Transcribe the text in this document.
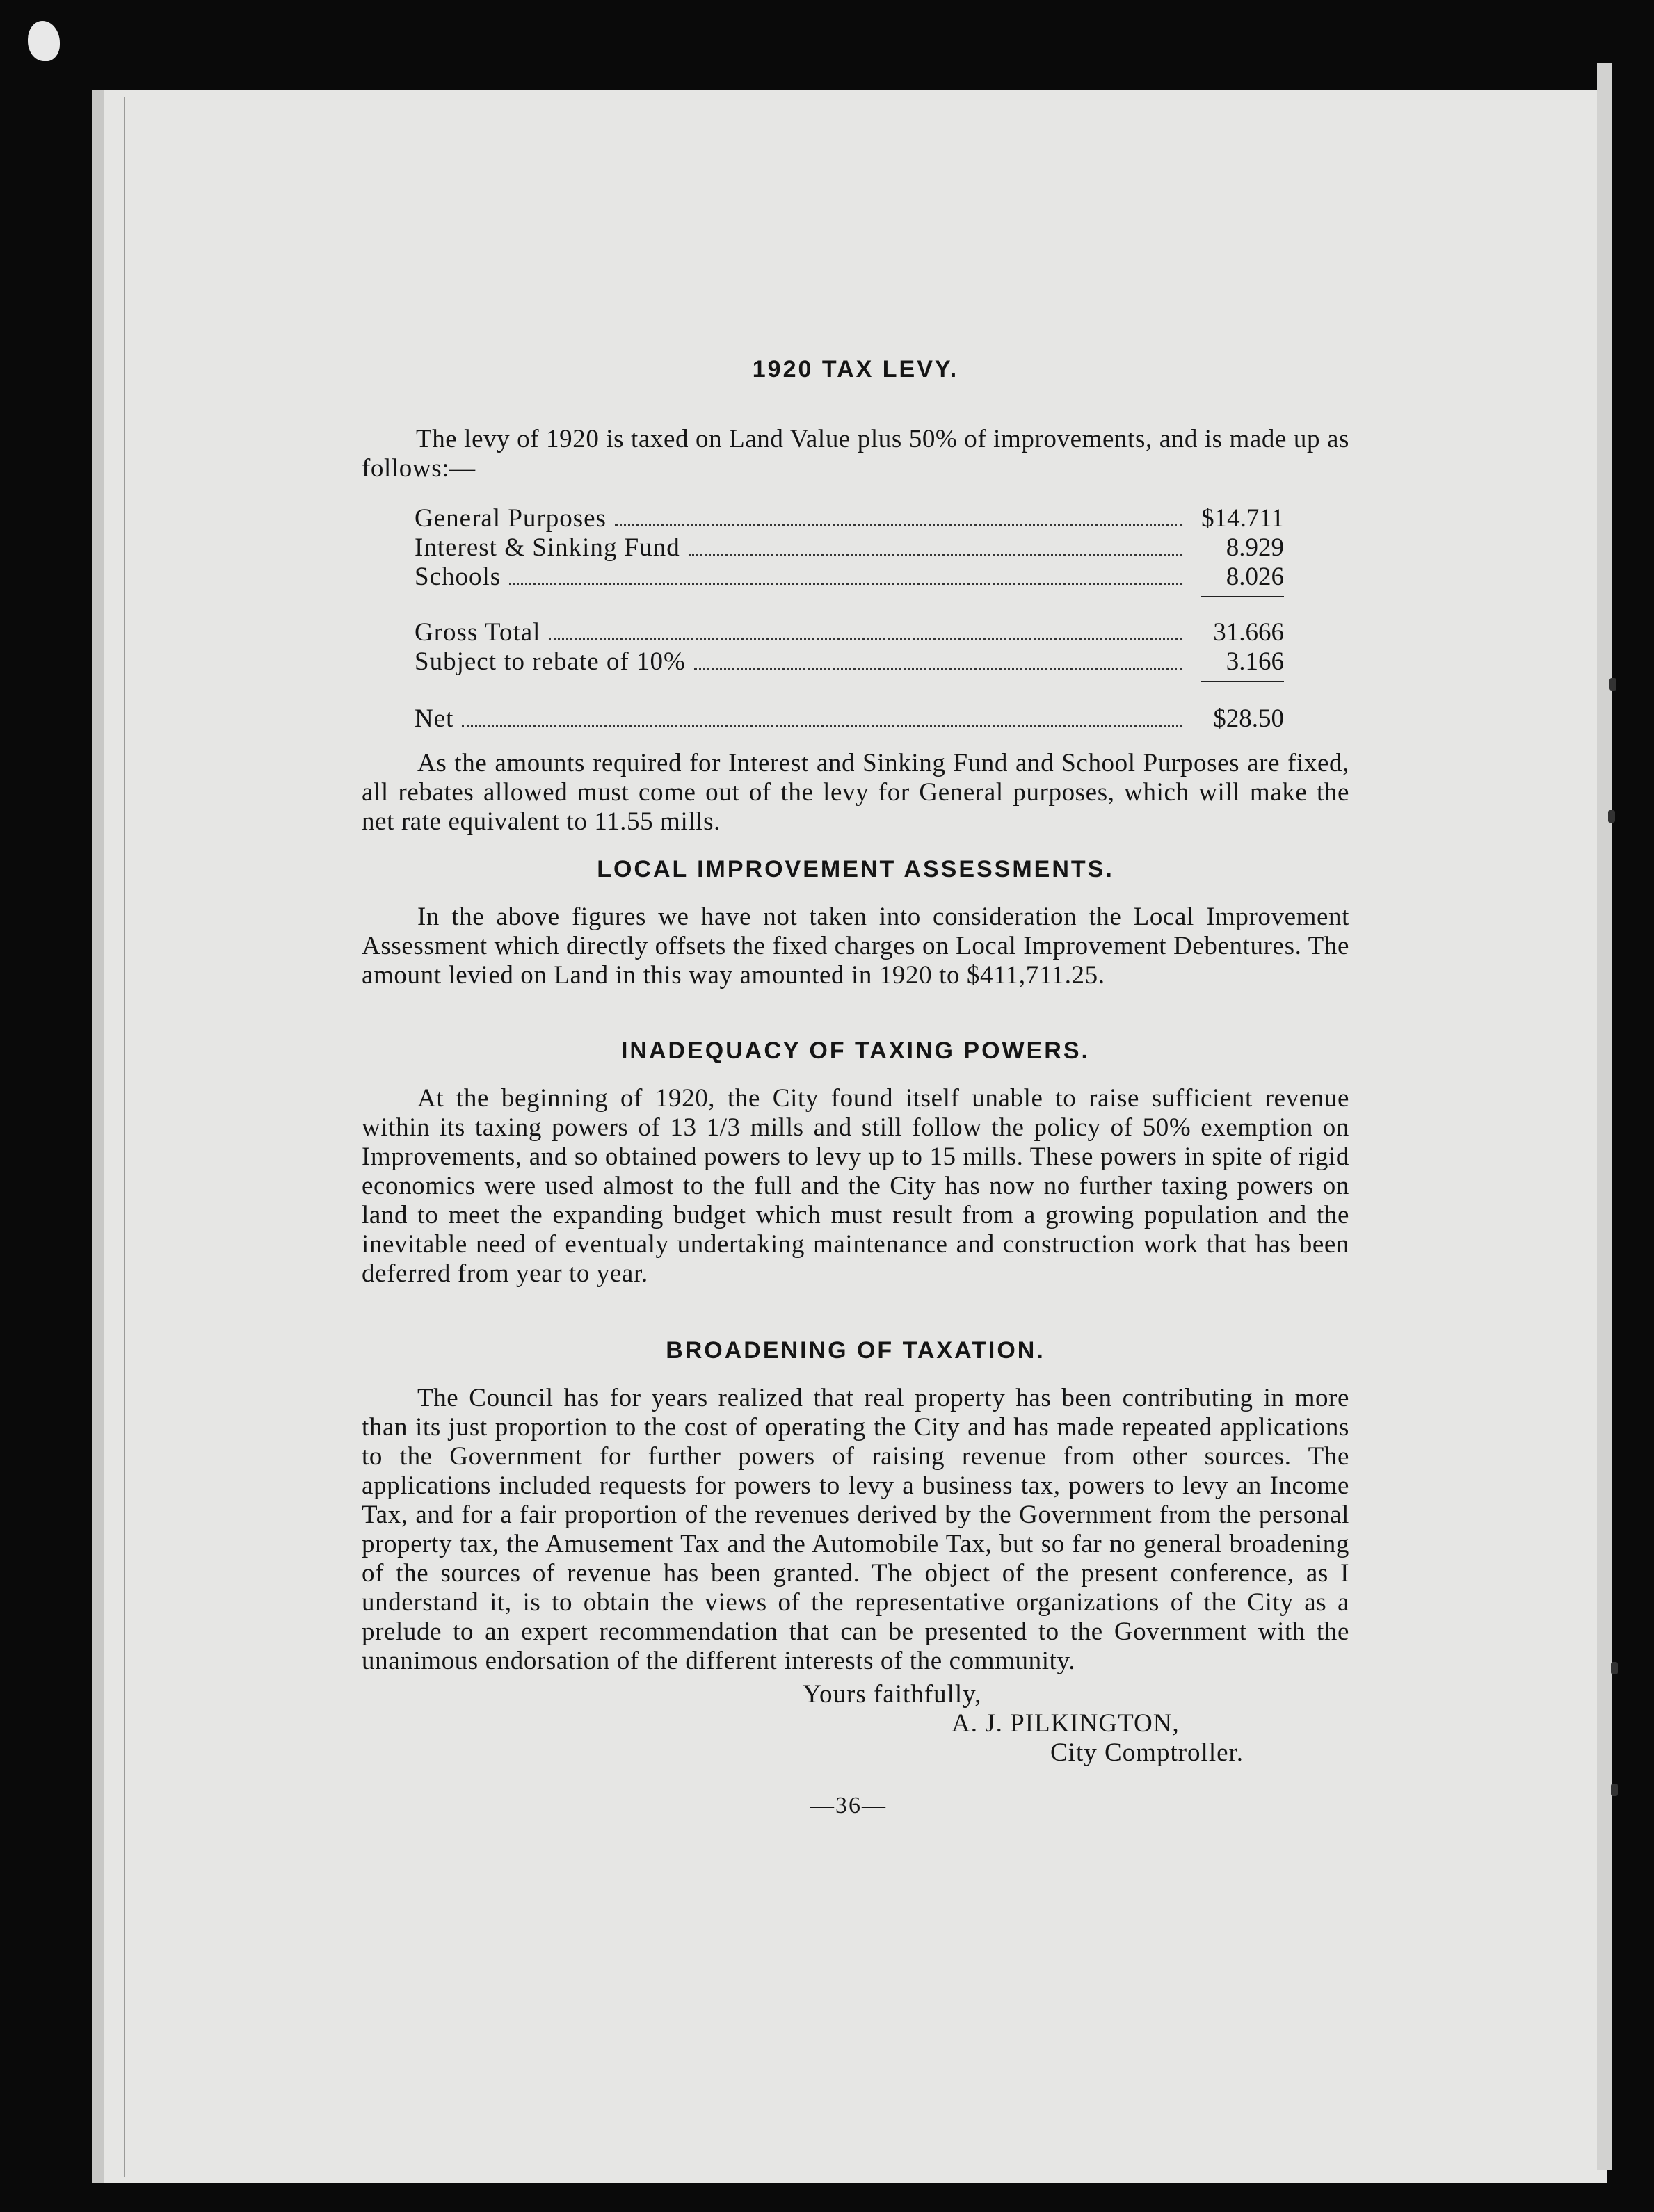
1920 TAX LEVY.

The levy of 1920 is taxed on Land Value plus 50% of improvements, and is made up as follows:—

General Purposes	$14.711
Interest & Sinking Fund	8.929
Schools	8.026
Gross Total	31.666
Subject to rebate of 10%	3.166
Net	$28.50

As the amounts required for Interest and Sinking Fund and School Purposes are fixed, all rebates allowed must come out of the levy for General purposes, which will make the net rate equivalent to 11.55 mills.

LOCAL IMPROVEMENT ASSESSMENTS.

In the above figures we have not taken into consideration the Local Improvement Assessment which directly offsets the fixed charges on Local Improvement Debentures. The amount levied on Land in this way amounted in 1920 to $411,711.25.

INADEQUACY OF TAXING POWERS.

At the beginning of 1920, the City found itself unable to raise sufficient revenue within its taxing powers of 13 1/3 mills and still follow the policy of 50% exemption on Improvements, and so obtained powers to levy up to 15 mills. These powers in spite of rigid economics were used almost to the full and the City has now no further taxing powers on land to meet the expanding budget which must result from a growing population and the inevitable need of eventualy undertaking maintenance and construction work that has been deferred from year to year.

BROADENING OF TAXATION.

The Council has for years realized that real property has been contributing in more than its just proportion to the cost of operating the City and has made repeated applications to the Government for further powers of raising revenue from other sources. The applications included requests for powers to levy a business tax, powers to levy an Income Tax, and for a fair proportion of the revenues derived by the Government from the personal property tax, the Amusement Tax and the Automobile Tax, but so far no general broadening of the sources of revenue has been granted. The object of the present conference, as I understand it, is to obtain the views of the representative organizations of the City as a prelude to an expert recommendation that can be presented to the Government with the unanimous endorsation of the different interests of the community.

Yours faithfully,
A. J. PILKINGTON,
City Comptroller.
—36—
